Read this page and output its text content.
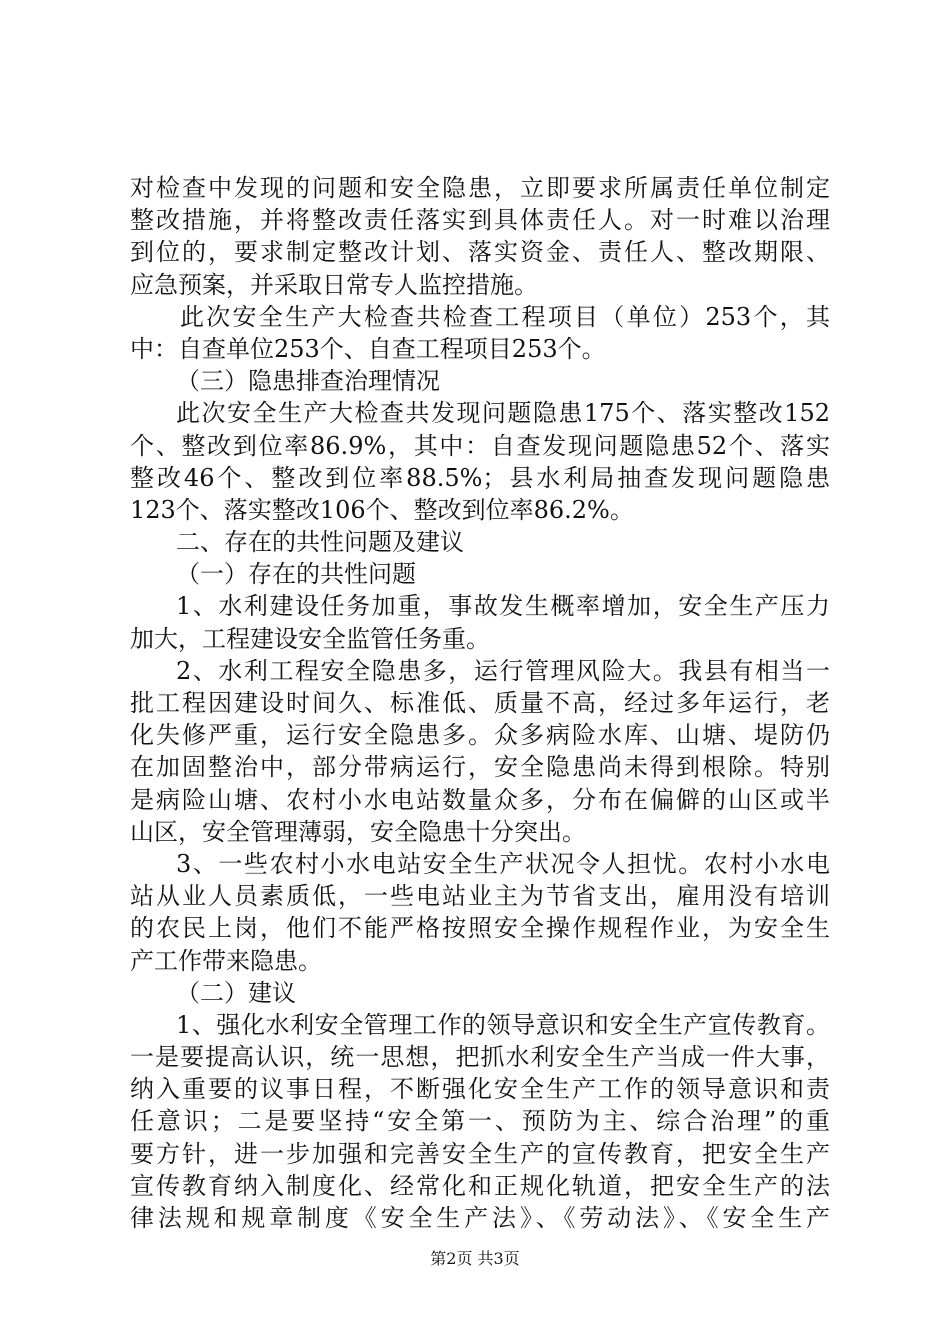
对检查中发现的问题和安全隐患，立即要求所属责任单位制定
整改措施，并将整改责任落实到具体责任人。对一时难以治理
到位的，要求制定整改计划、落实资金、责任人、整改期限、
应急预案，并采取日常专人监控措施。
此次安全生产大检查共检查工程项目（单位）253个，其
中：自查单位253个、自查工程项目253个。
（三）隐患排查治理情况
此次安全生产大检查共发现问题隐患175个、落实整改152
个、整改到位率86.9%，其中：自查发现问题隐患52个、落实
整改46个、整改到位率88.5%；县水利局抽查发现问题隐患
123个、落实整改106个、整改到位率86.2%。
二、存在的共性问题及建议
（一）存在的共性问题
1、水利建设任务加重，事故发生概率增加，安全生产压力
加大，工程建设安全监管任务重。
2、水利工程安全隐患多，运行管理风险大。我县有相当一
批工程因建设时间久、标准低、质量不高，经过多年运行，老
化失修严重，运行安全隐患多。众多病险水库、山塘、堤防仍
在加固整治中，部分带病运行，安全隐患尚未得到根除。特别
是病险山塘、农村小水电站数量众多，分布在偏僻的山区或半
山区，安全管理薄弱，安全隐患十分突出。
3、一些农村小水电站安全生产状况令人担忧。农村小水电
站从业人员素质低，一些电站业主为节省支出，雇用没有培训
的农民上岗，他们不能严格按照安全操作规程作业，为安全生
产工作带来隐患。
（二）建议
1、强化水利安全管理工作的领导意识和安全生产宣传教育。
一是要提高认识，统一思想，把抓水利安全生产当成一件大事，
纳入重要的议事日程，不断强化安全生产工作的领导意识和责
任意识；二是要坚持“安全第一、预防为主、综合治理”的重
要方针，进一步加强和完善安全生产的宣传教育，把安全生产
宣传教育纳入制度化、经常化和正规化轨道，把安全生产的法
律法规和规章制度《安全生产法》、《劳动法》、《安全生产
第2页 共3页
